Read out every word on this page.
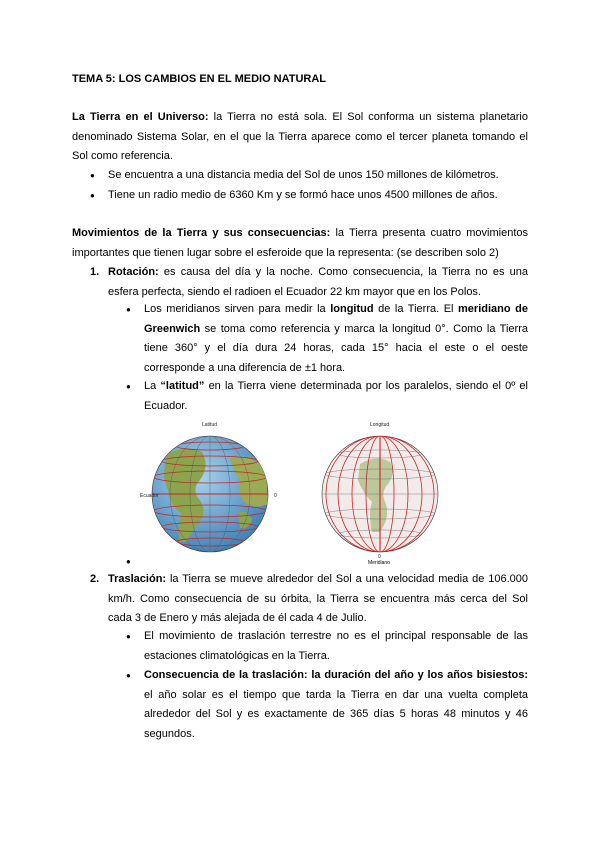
TEMA 5: LOS CAMBIOS EN EL MEDIO NATURAL
La Tierra en el Universo: la Tierra no está sola. El Sol conforma un sistema planetario denominado Sistema Solar, en el que la Tierra aparece como el tercer planeta tomando el Sol como referencia.
● Se encuentra a una distancia media del Sol de unos 150 millones de kilómetros.
● Tiene un radio medio de 6360 Km y se formó hace unos 4500 millones de años.
Movimientos de la Tierra y sus consecuencias: la Tierra presenta cuatro movimientos importantes que tienen lugar sobre el esferoide que la representa: (se describen solo 2)
1. Rotación: es causa del día y la noche. Como consecuencia, la Tierra no es una esfera perfecta, siendo el radioen el Ecuador 22 km mayor que en los Polos.
● Los meridianos sirven para medir la longitud de la Tierra. El meridiano de Greenwich se toma como referencia y marca la longitud 0°. Como la Tierra tiene 360° y el día dura 24 horas, cada 15° hacia el este o el oeste corresponde a una diferencia de ±1 hora.
● La “latitud” en la Tierra viene determinada por los paralelos, siendo el 0º el Ecuador.
Latitud
Ecuador	0
Longitud
0
Meridiano
●
2. Traslación: la Tierra se mueve alrededor del Sol a una velocidad media de 106.000 km/h. Como consecuencia de su órbita, la Tierra se encuentra más cerca del Sol cada 3 de Enero y más alejada de él cada 4 de Julio.
● El movimiento de traslación terrestre no es el principal responsable de las estaciones climatológicas en la Tierra.
● Consecuencia de la traslación: la duración del año y los años bisiestos: el año solar es el tiempo que tarda la Tierra en dar una vuelta completa alrededor del Sol y es exactamente de 365 días 5 horas 48 minutos y 46 segundos.
